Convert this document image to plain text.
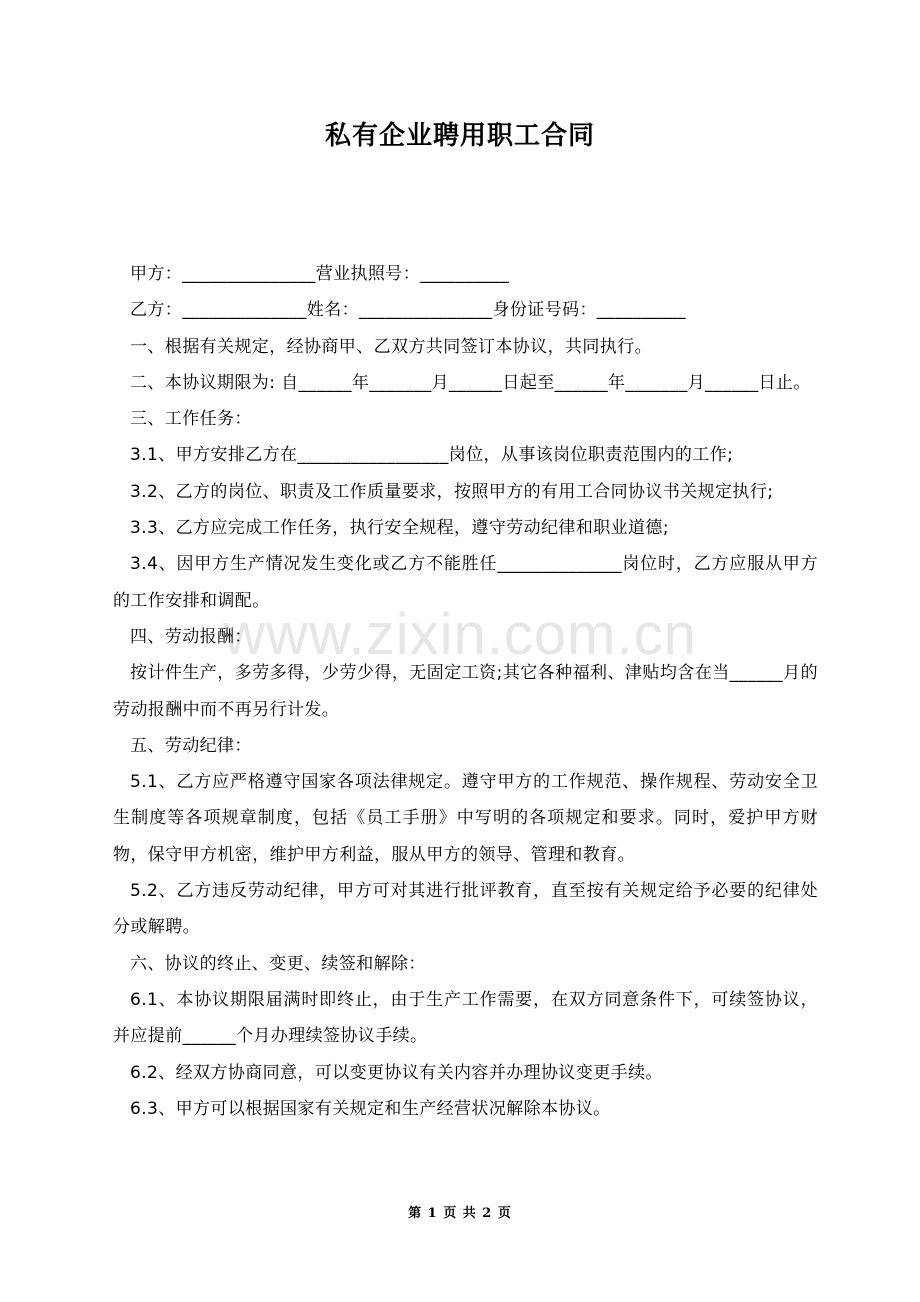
www.zixin.com.cn
私有企业聘用职工合同

甲方：_______________营业执照号：__________

乙方：______________姓名：_______________身份证号码：__________

一、根据有关规定，经协商甲、乙双方共同签订本协议，共同执行。

二、本协议期限为: 自______年_______月______日起至______年_______月______日止。

三、工作任务：

3.1、甲方安排乙方在_________________岗位，从事该岗位职责范围内的工作;

3.2、乙方的岗位、职责及工作质量要求，按照甲方的有用工合同协议书关规定执行;

3.3、乙方应完成工作任务，执行安全规程，遵守劳动纪律和职业道德;

3.4、因甲方生产情况发生变化或乙方不能胜任______________岗位时，乙方应服从甲方的工作安排和调配。

四、劳动报酬：

按计件生产，多劳多得，少劳少得，无固定工资;其它各种福利、津贴均含在当______月的劳动报酬中而不再另行计发。

五、劳动纪律：

5.1、乙方应严格遵守国家各项法律规定。遵守甲方的工作规范、操作规程、劳动安全卫生制度等各项规章制度，包括《员工手册》中写明的各项规定和要求。同时，爱护甲方财物，保守甲方机密，维护甲方利益，服从甲方的领导、管理和教育。

5.2、乙方违反劳动纪律，甲方可对其进行批评教育，直至按有关规定给予必要的纪律处分或解聘。

六、协议的终止、变更、续签和解除：

6.1、本协议期限届满时即终止，由于生产工作需要，在双方同意条件下，可续签协议，并应提前______个月办理续签协议手续。

6.2、经双方协商同意，可以变更协议有关内容并办理协议变更手续。

6.3、甲方可以根据国家有关规定和生产经营状况解除本协议。

第 1 页 共 2 页
